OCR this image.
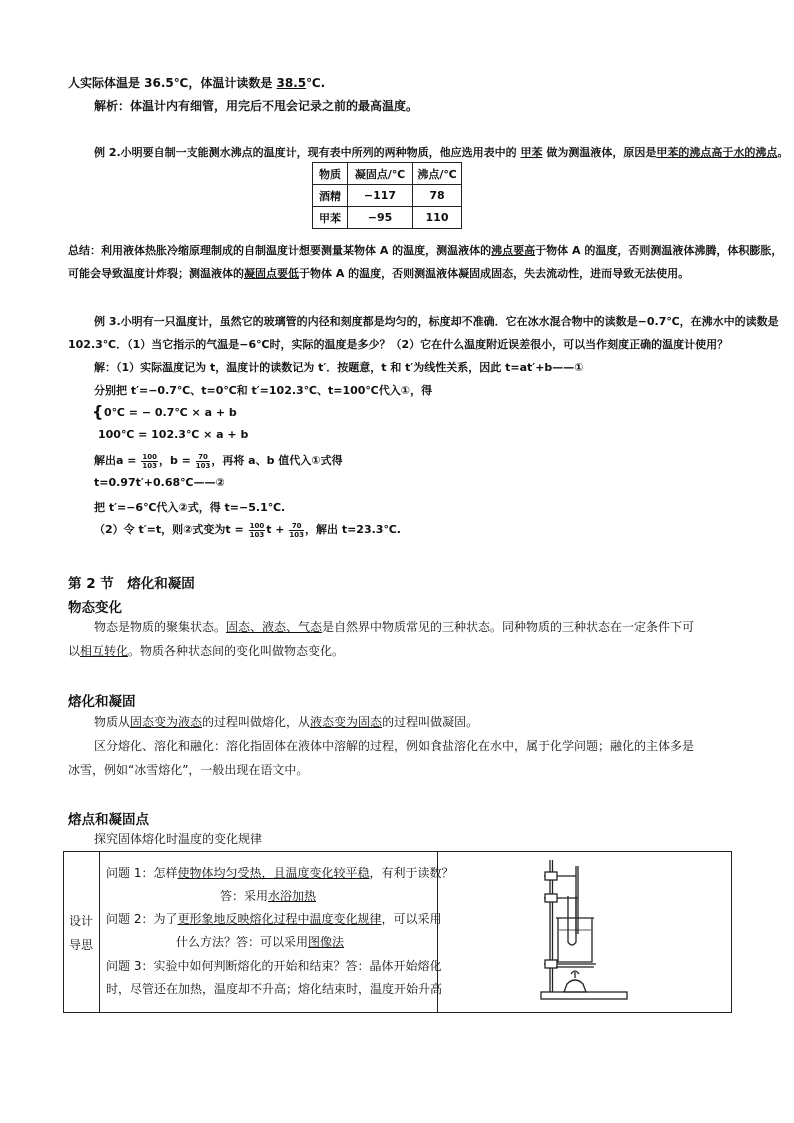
人实际体温是 36.5℃，体温计读数是 38.5℃.
解析：体温计内有细管，用完后不甩会记录之前的最高温度。
例 2.小明要自制一支能测水沸点的温度计，现有表中所列的两种物质，他应选用表中的 甲苯 做为测温液体，原因是甲苯的沸点高于水的沸点。
物质	凝固点/℃	沸点/℃
酒精	−117	78
甲苯	−95	110
总结：利用液体热胀冷缩原理制成的自制温度计想要测量某物体 A 的温度，测温液体的沸点要高于物体 A 的温度，否则测温液体沸腾，体积膨胀，
可能会导致温度计炸裂；测温液体的凝固点要低于物体 A 的温度，否则测温液体凝固成固态，失去流动性，进而导致无法使用。
例 3.小明有一只温度计，虽然它的玻璃管的内径和刻度都是均匀的，标度却不准确．它在冰水混合物中的读数是−0.7℃，在沸水中的读数是
102.3℃．（1）当它指示的气温是−6℃时，实际的温度是多少？（2）它在什么温度附近误差很小，可以当作刻度正确的温度计使用？
解：（1）实际温度记为 t，温度计的读数记为 t′．按题意，t 和 t′为线性关系，因此 t=at′+b——①
分别把 t′=−0.7℃、t=0℃和 t′=102.3℃、t=100℃代入①，得
{ 0℃ = − 0.7℃ × a + b
100℃ = 102.3℃ × a + b
解出$a = \frac{100}{103}$ ，$b = \frac{70}{103}$ ，再将 a、b 值代入①式得
t=0.97t′+0.68℃——②
把 t′=−6℃代入②式，得 t=−5.1℃.
（2）令 t′=t，则②式变为$t = \frac{100}{103}$ $t + \frac{70}{103}$ ，解出 t=23.3℃.
第 2 节　熔化和凝固
物态变化
物态是物质的聚集状态。固态、液态、气态是自然界中物质常见的三种状态。同种物质的三种状态在一定条件下可
以相互转化。物质各种状态间的变化叫做物态变化。
熔化和凝固
物质从固态变为液态的过程叫做熔化，从液态变为固态的过程叫做凝固。
区分熔化、溶化和融化：溶化指固体在液体中溶解的过程，例如食盐溶化在水中，属于化学问题；融化的主体多是
冰雪，例如“冰雪熔化”，一般出现在语文中。
熔点和凝固点
探究固体熔化时温度的变化规律
设计
导思
问题 1：怎样使物体均匀受热，且温度变化较平稳，有利于读数？
答：采用水浴加热
问题 2：为了更形象地反映熔化过程中温度变化规律，可以采用
什么方法？答：可以采用图像法
问题 3：实验中如何判断熔化的开始和结束？答：晶体开始熔化
时，尽管还在加热，温度却不升高；熔化结束时，温度开始升高
